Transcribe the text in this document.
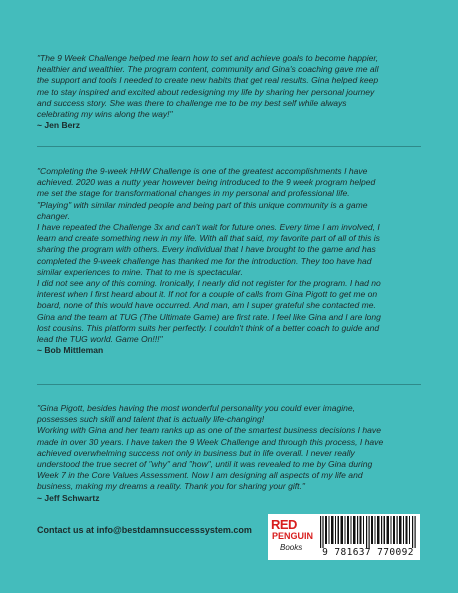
"The 9 Week Challenge helped me learn how to set and achieve goals to become happier,

healthier and wealthier. The program content, community and Gina's coaching gave me all

the support and tools I needed to create new habits that get real results. Gina helped keep

me to stay inspired and excited about redesigning my life by sharing her personal journey

and success story. She was there to challenge me to be my best self while always

celebrating my wins along the way!"

~ Jen Berz

"Completing the 9-week HHW Challenge is one of the greatest accomplishments I have

achieved. 2020 was a nutty year however being introduced to the 9 week program helped

me set the stage for transformational changes in my personal and professional life.

"Playing" with similar minded people and being part of this unique community is a game

changer.

I have repeated the Challenge 3x and can't wait for future ones. Every time I am involved, I

learn and create something new in my life. With all that said, my favorite part of all of this is

sharing the program with others. Every individual that I have brought to the game and has

completed the 9-week challenge has thanked me for the introduction. They too have had

similar experiences to mine. That to me is spectacular.

I did not see any of this coming. Ironically, I nearly did not register for the program. I had no

interest when I first heard about it. If not for a couple of calls from Gina Pigott to get me on

board, none of this would have occurred. And man, am I super grateful she contacted me.

Gina and the team at TUG (The Ultimate Game) are first rate. I feel like Gina and I are long

lost cousins. This platform suits her perfectly. I couldn't think of a better coach to guide and

lead the TUG world. Game On!!!"

~ Bob Mittleman

"Gina Pigott, besides having the most wonderful personality you could ever imagine,

possesses such skill and talent that is actually life-changing!

Working with Gina and her team ranks up as one of the smartest business decisions I have

made in over 30 years. I have taken the 9 Week Challenge and through this process, I have

achieved overwhelming success not only in business but in life overall. I never really

understood the true secret of "why" and "how", until it was revealed to me by Gina during

Week 7 in the Core Values Assessment. Now I am designing all aspects of my life and

business, making my dreams a reality. Thank you for sharing your gift."

~ Jeff Schwartz
Contact us at info@bestdamnsuccesssystem.com RED
PENGUIN
Books	9 781637 770092
